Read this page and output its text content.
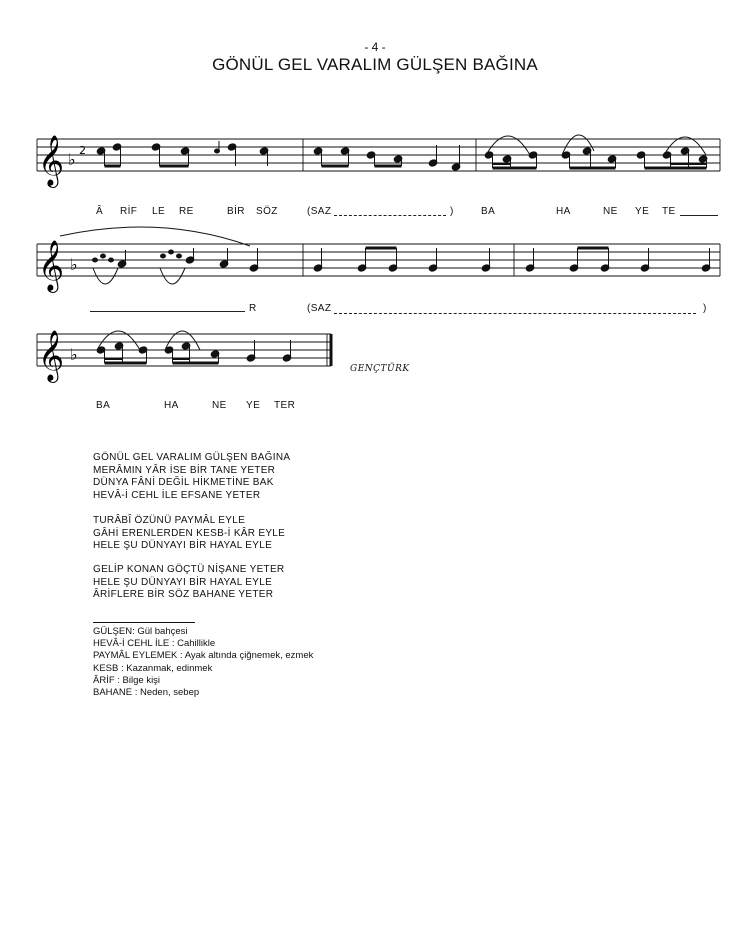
- 4 -
GÖNÜL GEL VARALIM GÜLŞEN BAĞINA
𝄞 ♭ 2
Â RİF LE RE	BİR SÖZ	(SAZ	)	BA	HA	NE YE TE
𝄞 ♭
R	(SAZ	)
𝄞 ♭
GENÇTÜRK
BA	HA	NE YE TER
GÖNÜL GEL VARALIM GÜLŞEN BAĞINA
MERÂMIN YÂR İSE BİR TANE YETER
DÜNYA FÂNİ DEĞİL HİKMETİNE BAK
HEVÂ-İ CEHL İLE EFSANE YETER
TURÂBÎ ÖZÜNÜ PAYMÂL EYLE
GÂHİ ERENLERDEN KESB-İ KÂR EYLE
HELE ŞU DÜNYAYI BİR HAYAL EYLE
GELİP KONAN GÖÇTÜ NİŞANE YETER
HELE ŞU DÜNYAYI BİR HAYAL EYLE
ÂRİFLERE BİR SÖZ BAHANE YETER
GÜLŞEN: Gül bahçesi
HEVÂ-İ CEHL İLE : Cahillikle
PAYMÂL EYLEMEK : Ayak altında çiğnemek, ezmek
KESB : Kazanmak, edinmek
ÂRİF : Bilge kişi
BAHANE : Neden, sebep
